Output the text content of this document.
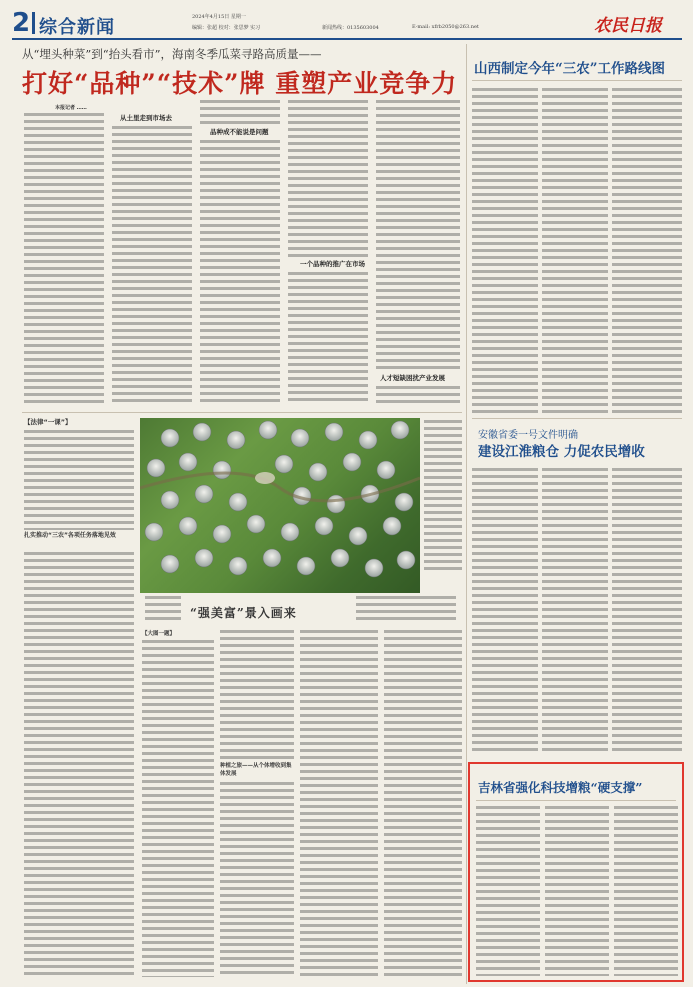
2 综合新闻	2024年4月15日 星期一
编辑：张超 校对：张思梦 实习	新闻热线：0135603004	E-mail: xfrb2050@263.net	农民日报
从“埋头种菜”到“抬头看市”，海南冬季瓜菜寻路高质量——
打好“品种”“技术”牌 重塑产业竞争力 山西制定今年“三农”工作路线图
本报记者 ……
从土里走到市场去
品种成不能说是问题
一个品种的推广在市场
人才短缺困扰产业发展
【法律“一课”】
扎实推动“三农”各项任务落地见效
“强美富”景入画来
【大图一题】
种植之旅——从个体增收到集体发展
安徽省委一号文件明确
建设江淮粮仓 力促农民增收
吉林省强化科技增粮“硬支撑”
